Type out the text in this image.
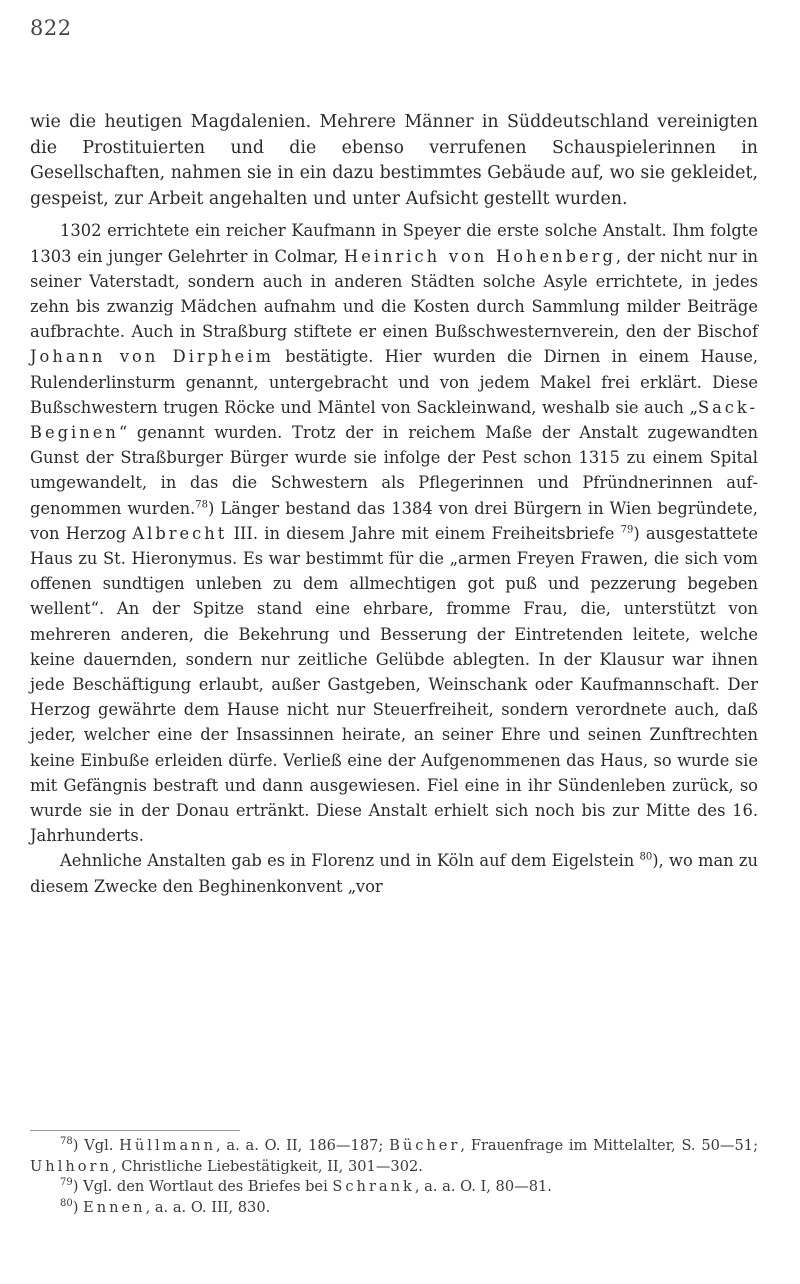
822

wie die heutigen Magdalenien. Mehrere Männer in Süddeutschland vereinigten die Prostituierten und die ebenso verrufenen Schauspielerinnen in Gesellschaften, nahmen sie in ein dazu bestimmtes Gebäude auf, wo sie gekleidet, gespeist, zur Arbeit angehalten und unter Aufsicht gestellt wurden.

1302 errichtete ein reicher Kaufmann in Speyer die erste solche Anstalt. Ihm folgte 1303 ein junger Gelehrter in Colmar, Heinrich von Hohenberg, der nicht nur in seiner Vaterstadt, sondern auch in anderen Städten solche Asyle errichtete, in jedes zehn bis zwanzig Mädchen aufnahm und die Kosten durch Sammlung milder Beiträge aufbrachte. Auch in Straßburg stiftete er einen Bußschwesternverein, den der Bischof Johann von Dirpheim bestätigte. Hier wurden die Dirnen in einem Hause, Rulenderlinsturm genannt, untergebracht und von jedem Makel frei erklärt. Diese Bußschwestern trugen Röcke und Mäntel von Sackleinwand, weshalb sie auch „Sack-Beginen“ genannt wurden. Trotz der in reichem Maße der Anstalt zugewandten Gunst der Straßburger Bürger wurde sie infolge der Pest schon 1315 zu einem Spital umgewandelt, in das die Schwestern als Pflegerinnen und Pfründnerinnen aufgenommen wurden.$^{78}$) Länger bestand das 1384 von drei Bürgern in Wien begründete, von Herzog Albrecht III. in diesem Jahre mit einem Freiheitsbriefe $^{79}$) ausgestattete Haus zu St. Hieronymus. Es war bestimmt für die „armen Freyen Frawen, die sich vom offenen sundtigen unleben zu dem allmechtigen got puß und pezzerung begeben wellent“. An der Spitze stand eine ehrbare, fromme Frau, die, unterstützt von mehreren anderen, die Bekehrung und Besserung der Eintretenden leitete, welche keine dauernden, sondern nur zeitliche Gelübde ablegten. In der Klausur war ihnen jede Beschäftigung erlaubt, außer Gastgeben, Weinschank oder Kaufmannschaft. Der Herzog gewährte dem Hause nicht nur Steuerfreiheit, sondern verordnete auch, daß jeder, welcher eine der Insassinnen heirate, an seiner Ehre und seinen Zunftrechten keine Einbuße erleiden dürfe. Verließ eine der Aufgenommenen das Haus, so wurde sie mit Gefängnis bestraft und dann ausgewiesen. Fiel eine in ihr Sündenleben zurück, so wurde sie in der Donau ertränkt. Diese Anstalt erhielt sich noch bis zur Mitte des 16. Jahrhunderts.

Aehnliche Anstalten gab es in Florenz und in Köln auf dem Eigelstein $^{80}$), wo man zu diesem Zwecke den Beghinenkonvent „vor

$^{78}$) Vgl. Hüllmann, a. a. O. II, 186—187; Bücher, Frauenfrage im Mittelalter, S. 50—51; Uhlhorn, Christliche Liebestätigkeit, II, 301—302.

$^{79}$) Vgl. den Wortlaut des Briefes bei Schrank, a. a. O. I, 80—81.

$^{80}$) Ennen, a. a. O. III, 830.
